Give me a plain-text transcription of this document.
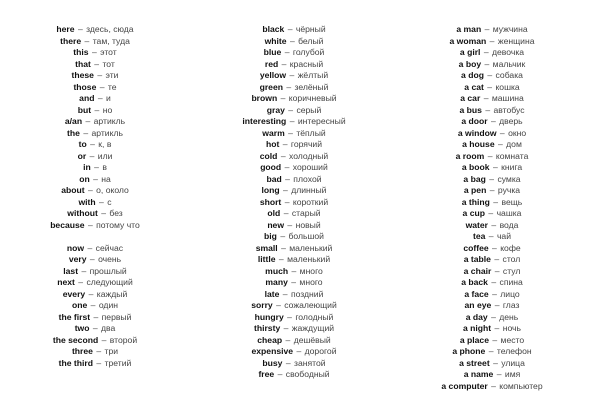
here – здесь, сюда
there – там, туда
this – этот
that – тот
these – эти
those – те
and – и
but – но
a/an – артикль
the – артикль
to – к, в
or – или
in – в
on – на
about – о, около
with – с
without – без
because – потому что
now – сейчас
very – очень
last – прошлый
next – следующий
every – каждый
one – один
the first – первый
two – два
the second – второй
three – три
the third – третий
black – чёрный
white – белый
blue – голубой
red – красный
yellow – жёлтый
green – зелёный
brown – коричневый
gray – серый
interesting – интересный
warm – тёплый
hot – горячий
cold – холодный
good – хороший
bad – плохой
long – длинный
short – короткий
old – старый
new – новый
big – большой
small – маленький
little – маленький
much – много
many – много
late – поздний
sorry – сожалеющий
hungry – голодный
thirsty – жаждущий
cheap – дешёвый
expensive – дорогой
busy – занятой
free – свободный
a man – мужчина
a woman – женщина
a girl – девочка
a boy – мальчик
a dog – собака
a cat – кошка
a car – машина
a bus – автобус
a door – дверь
a window – окно
a house – дом
a room – комната
a book – книга
a bag – сумка
a pen – ручка
a thing – вещь
a cup – чашка
water – вода
tea – чай
coffee – кофе
a table – стол
a chair – стул
a back – спина
a face – лицо
an eye – глаз
a day – день
a night – ночь
a place – место
a phone – телефон
a street – улица
a name – имя
a computer – компьютер
